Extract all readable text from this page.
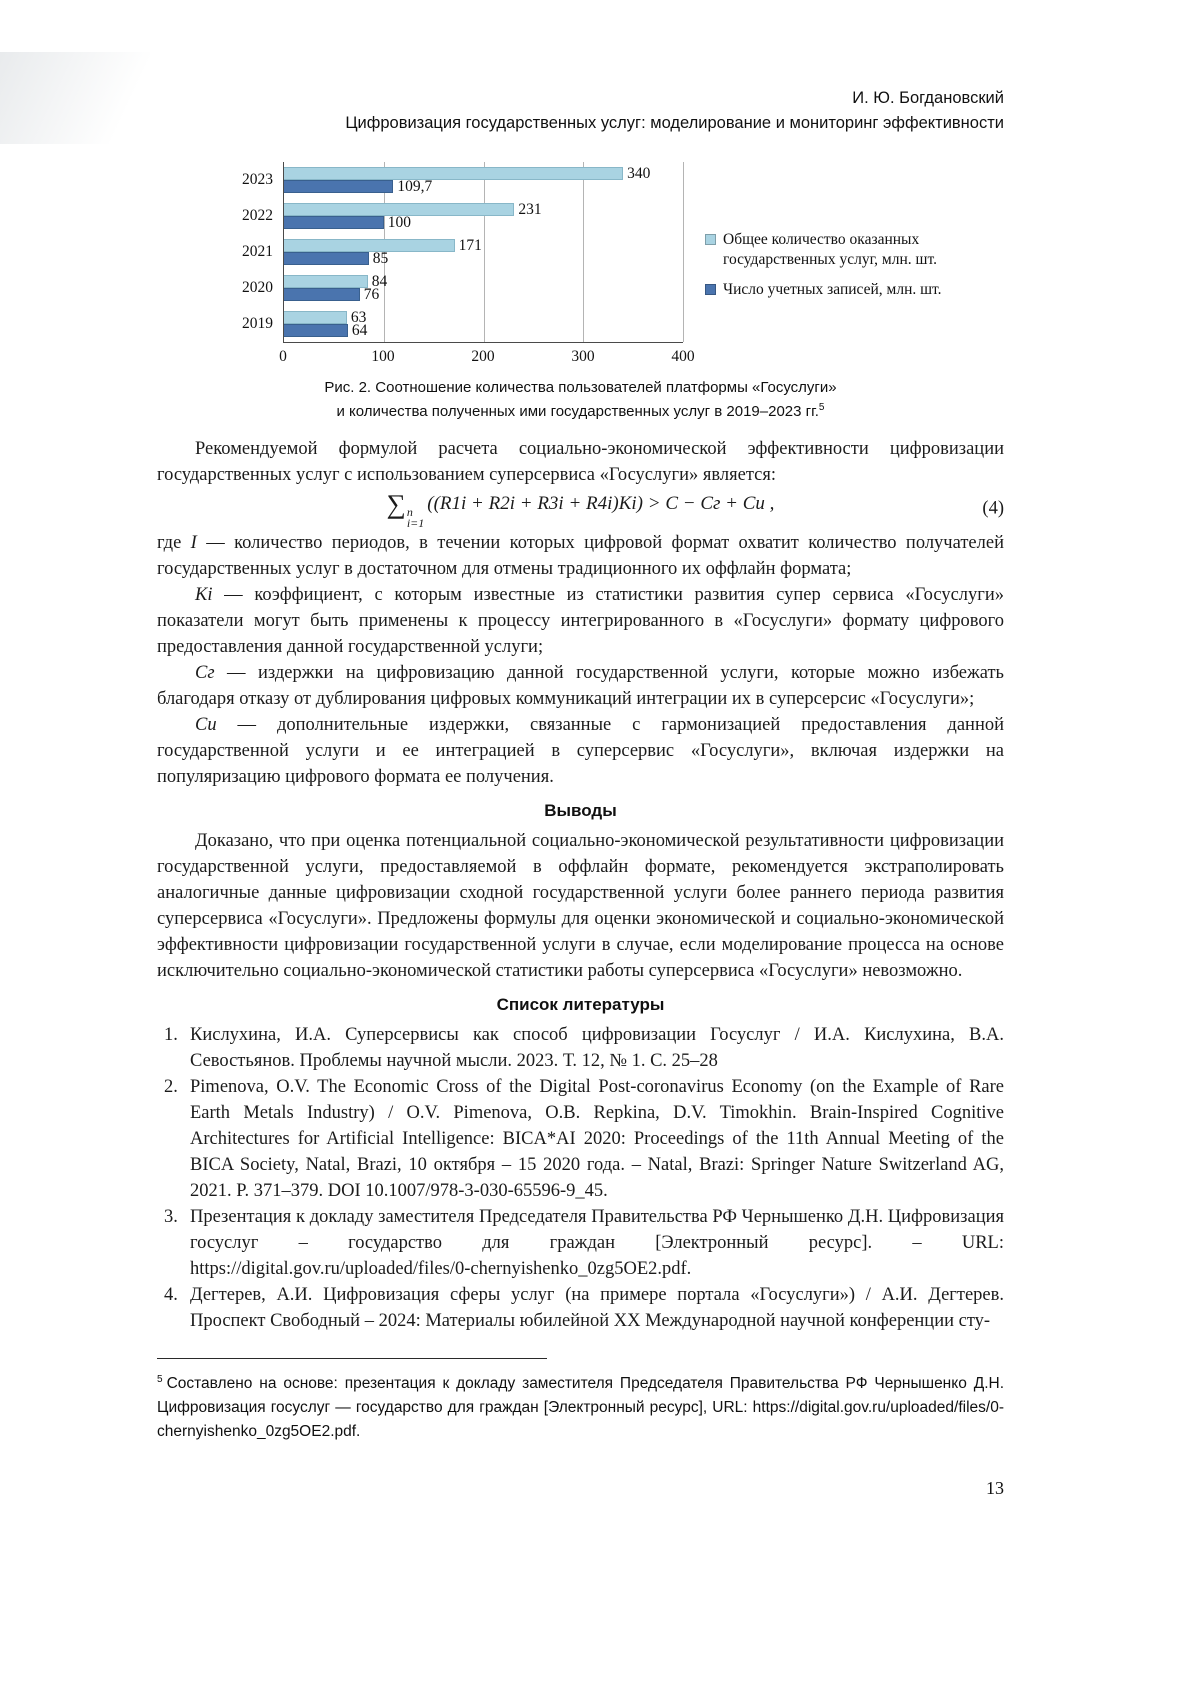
И. Ю. Богдановский
Цифровизация государственных услуг: моделирование и мониторинг эффективности
2023
2022
2021
2020
2019
340
109,7
231
100
171
85
84
76
63
64
0	100	200	300	400
Общее количество оказанных государственных услуг, млн. шт.
Число учетных записей, млн. шт.
Рис. 2. Соотношение количества пользователей платформы «Госуслуги»
и количества полученных ими государственных услуг в 2019–2023 гг.$^5$

Рекомендуемой формулой расчета социально-экономической эффективности цифровизации государственных услуг с использованием суперсервиса «Госуслуги» является:

∑ n
i=1
((R1i + R2i + R3i + R4i)Ki) > С − Сг + Си ,	(4)

где I — количество периодов, в течении которых цифровой формат охватит количество получателей государственных услуг в достаточном для отмены традиционного их оффлайн формата;

Ki — коэффициент, с которым известные из статистики развития супер сервиса «Госуслуги» показатели могут быть применены к процессу интегрированного в «Госуслуги» формату цифрового предоставления данной государственной услуги;

Сг — издержки на цифровизацию данной государственной услуги, которые можно избежать благодаря отказу от дублирования цифровых коммуникаций интеграции их в суперсерсис «Госуслуги»;

Си — дополнительные издержки, связанные с гармонизацией предоставления данной государственной услуги и ее интеграцией в суперсервис «Госуслуги», включая издержки на популяризацию цифрового формата ее получения.

Выводы

Доказано, что при оценка потенциальной социально-экономической результативности цифровизации государственной услуги, предоставляемой в оффлайн формате, рекомендуется экстраполировать аналогичные данные цифровизации сходной государственной услуги более раннего периода развития суперсервиса «Госуслуги». Предложены формулы для оценки экономической и социально-экономической эффективности цифровизации государственной услуги в случае, если моделирование процесса на основе исключительно социально-экономической статистики работы суперсервиса «Госуслуги» невозможно.

Список литературы
1. Кислухина, И.А. Суперсервисы как способ цифровизации Госуслуг / И.А. Кислухина, В.А. Севостьянов. Проблемы научной мысли. 2023. Т. 12, № 1. С. 25–28
2. Pimenova, O.V. The Economic Cross of the Digital Post-coronavirus Economy (on the Example of Rare Earth Metals Industry) / O.V. Pimenova, O.B. Repkina, D.V. Timokhin. Brain-Inspired Cognitive Architectures for Artificial Intelligence: BICA*AI 2020: Proceedings of the 11th Annual Meeting of the BICA Society, Natal, Brazi, 10 октября – 15 2020 года. – Natal, Brazi: Springer Nature Switzerland AG, 2021. P. 371–379. DOI 10.1007/978-3-030-65596-9_45.
3. Презентация к докладу заместителя Председателя Правительства РФ Чернышенко Д.Н. Цифровизация госуслуг – государство для граждан [Электронный ресурс]. – URL: https://digital.gov.ru/uploaded/files/0-chernyishenko_0zg5OE2.pdf.
4. Дегтерев, А.И. Цифровизация сферы услуг (на примере портала «Госуслуги») / А.И. Дегтерев. Проспект Свободный – 2024: Материалы юбилейной XX Международной научной конференции сту-

$^5$ Составлено на основе: презентация к докладу заместителя Председателя Правительства РФ Чернышенко Д.Н. Цифровизация госуслуг — государство для граждан [Электронный ресурс], URL: https://digital.gov.ru/uploaded/files/0-chernyishenko_0zg5OE2.pdf.

13
